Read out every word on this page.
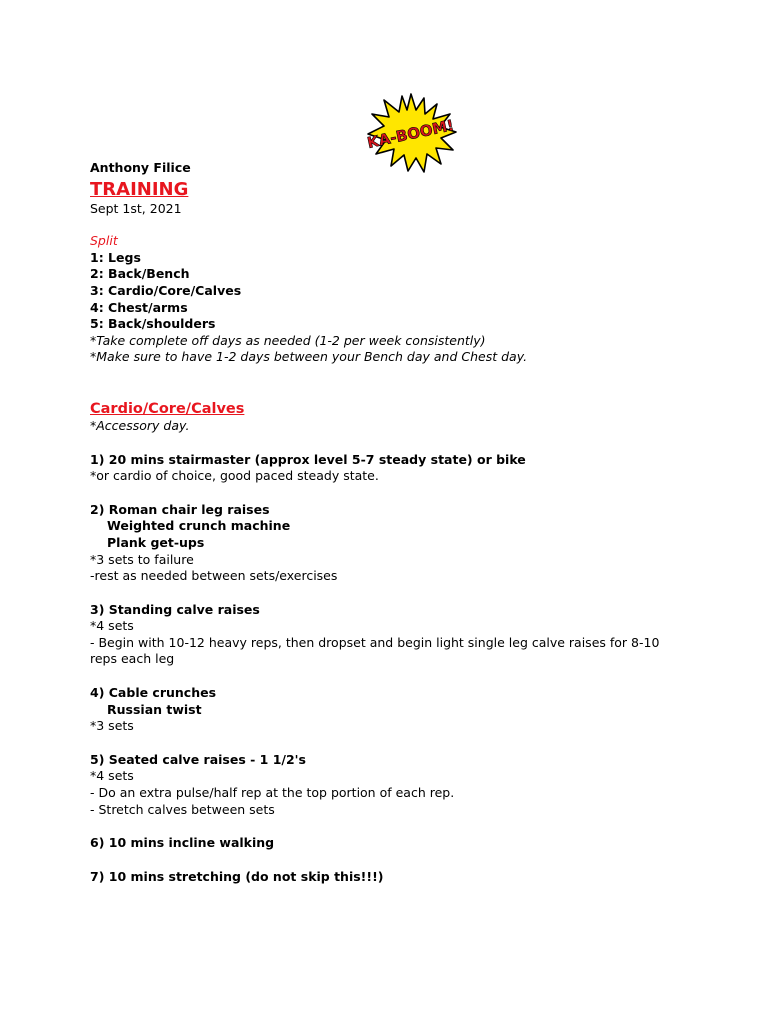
KA-BOOM!

Anthony Filice

TRAINING

Sept 1st, 2021

Split

1: Legs

2: Back/Bench

3: Cardio/Core/Calves

4: Chest/arms

5: Back/shoulders

*Take complete off days as needed (1-2 per week consistently)

*Make sure to have 1-2 days between your Bench day and Chest day.

Cardio/Core/Calves

*Accessory day.

1) 20 mins stairmaster (approx level 5-7 steady state) or bike

*or cardio of choice, good paced steady state.

2) Roman chair leg raises

Weighted crunch machine

Plank get-ups

*3 sets to failure

-rest as needed between sets/exercises

3) Standing calve raises

*4 sets

- Begin with 10-12 heavy reps, then dropset and begin light single leg calve raises for 8-10 reps each leg

4) Cable crunches

Russian twist

*3 sets

5) Seated calve raises - 1 1/2's

*4 sets

- Do an extra pulse/half rep at the top portion of each rep.

- Stretch calves between sets

6) 10 mins incline walking

7) 10 mins stretching (do not skip this!!!)
